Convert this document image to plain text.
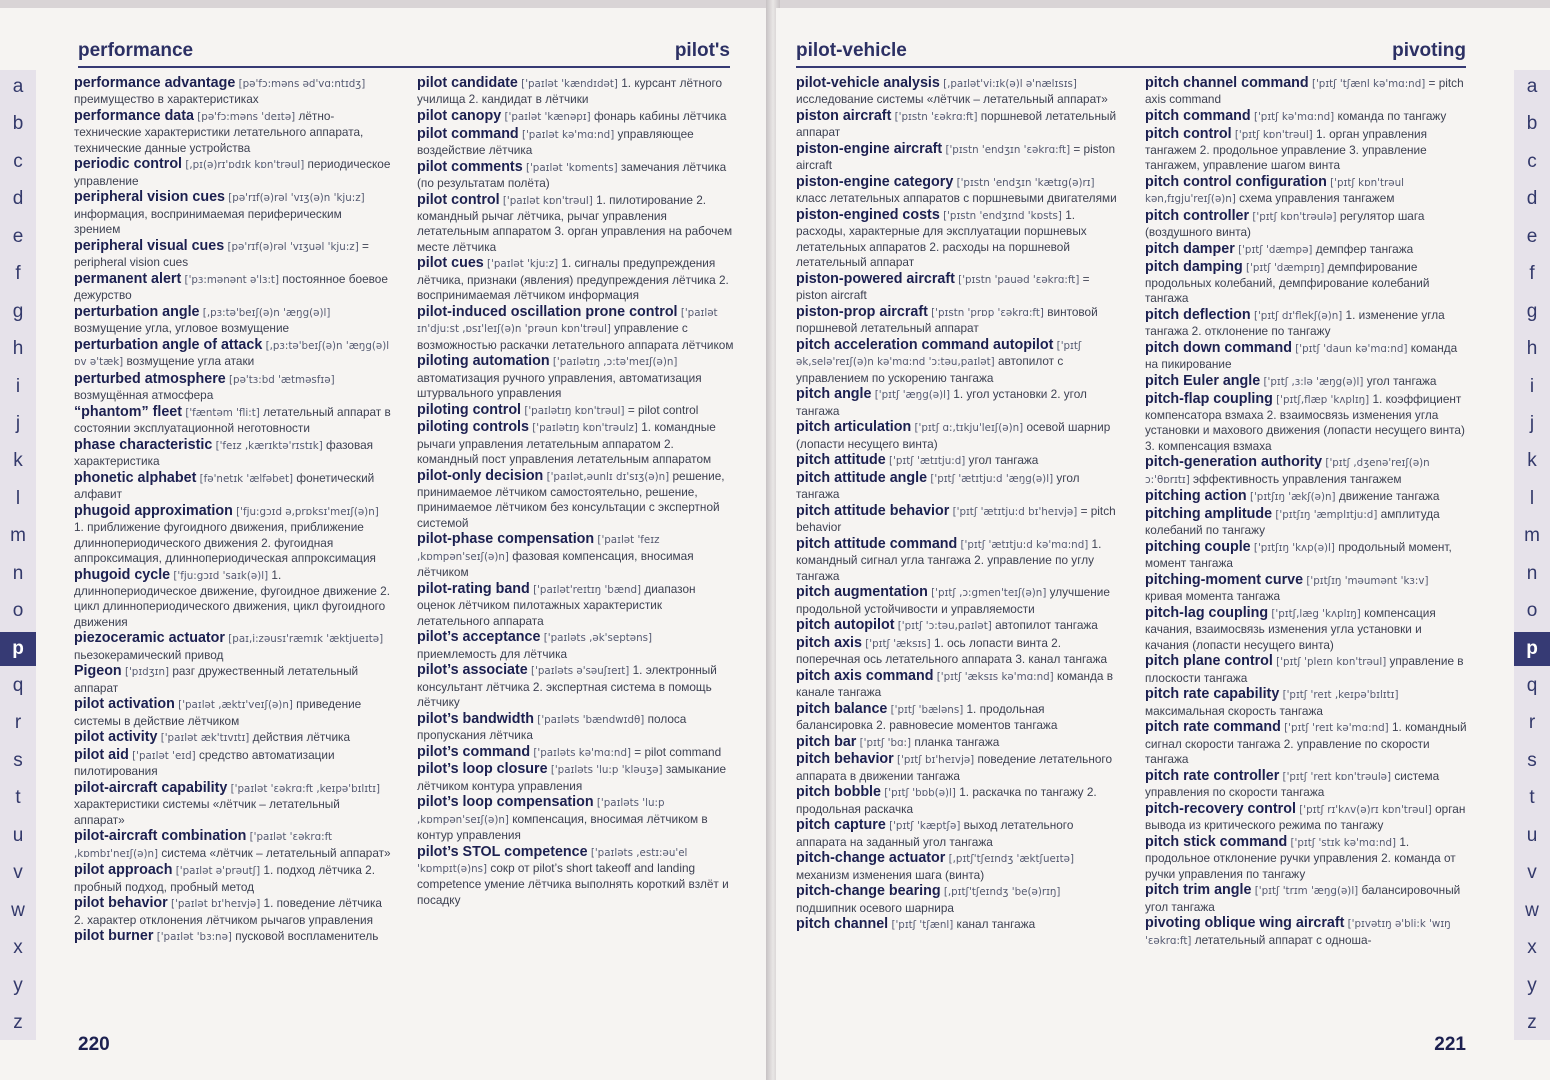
a
b
c
d
e
f
g
h
i
j
k
l
m
n
o
p
q
r
s
t
u
v
w
x
y
z
performance	pilot's

performance advantage [pə'fɔ:məns əd'vɑ:ntɪdʒ] преимущество в характеристиках

performance data [pə'fɔ:məns 'deɪtə] лётно-технические характеристики летательного аппарата, технические данные устройства

periodic control [,pɪ(ə)rɪ'ɒdɪk kɒn'trəul] периодическое управление

peripheral vision cues [pə'rɪf(ə)rəl 'vɪʒ(ə)n 'kju:z] информация, воспринимаемая периферическим зрением

peripheral visual cues [pə'rɪf(ə)rəl 'vɪʒuəl 'kju:z] = peripheral vision cues

permanent alert ['pɜ:mənənt ə'lɜ:t] постоянное боевое дежурство

perturbation angle [,pɜ:tə'beɪʃ(ə)n 'æŋg(ə)l] возмущение угла, угловое возмущение

perturbation angle of attack [,pɜ:tə'beɪʃ(ə)n 'æŋg(ə)l ɒv ə'tæk] возмущение угла атаки

perturbed atmosphere [pə'tɜ:bd 'ætməsfɪə] возмущённая атмосфера

“phantom” fleet ['fæntəm 'fli:t] летательный аппарат в состоянии эксплуатационной неготовности

phase characteristic ['feɪz ,kærɪktə'rɪstɪk] фазовая характеристика

phonetic alphabet [fə'netɪk 'ælfəbet] фонетический алфавит

phugoid approximation ['fju:gɔɪd ə,prɒksɪ'meɪʃ(ə)n] 1. приближение фугоидного движения, приближение длиннопериодического движения 2. фугоидная аппроксимация, длиннопериодическая аппроксимация

phugoid cycle ['fju:gɔɪd 'saɪk(ə)l] 1. длиннопериодическое движение, фугоидное движение 2. цикл длиннопериодического движения, цикл фугоидного движения

piezoceramic actuator [paɪ,i:zəusɪ'ræmɪk 'æktjueɪtə] пьезокерамический привод

Pigeon ['pɪdʒɪn] разг дружественный летательный аппарат

pilot activation ['paɪlət ,æktɪ'veɪʃ(ə)n] приведение системы в действие лётчиком

pilot activity ['paɪlət æk'tɪvɪtɪ] действия лётчика

pilot aid ['paɪlət 'eɪd] средство автоматизации пилотирования

pilot-aircraft capability ['paɪlət 'ɛəkrɑ:ft ,keɪpə'bɪlɪtɪ] характеристики системы «лётчик – летательный аппарат»

pilot-aircraft combination ['paɪlət 'ɛəkrɑ:ft ,kɒmbɪ'neɪʃ(ə)n] система «лётчик – летательный аппарат»

pilot approach ['paɪlət ə'prəutʃ] 1. подход лётчика 2. пробный подход, пробный метод

pilot behavior ['paɪlət bɪ'heɪvjə] 1. поведение лётчика 2. характер отклонения лётчиком рычагов управления

pilot burner ['paɪlət 'bɜ:nə] пусковой воспламенитель

pilot candidate ['paɪlət 'kændɪdət] 1. курсант лётного училища 2. кандидат в лётчики

pilot canopy ['paɪlət 'kænəpɪ] фонарь кабины лётчика

pilot command ['paɪlət kə'mɑ:nd] управляющее воздействие лётчика

pilot comments ['paɪlət 'kɒments] замечания лётчика (по результатам полёта)

pilot control ['paɪlət kɒn'trəul] 1. пилотирование 2. командный рычаг лётчика, рычаг управления летательным аппаратом 3. орган управления на рабочем месте лётчика

pilot cues ['paɪlət 'kju:z] 1. сигналы предупреждения лётчика, признаки (явления) предупреждения лётчика 2. воспринимаемая лётчиком информация

pilot-induced oscillation prone control ['paɪlət ɪn'dju:st ,ɒsɪ'leɪʃ(ə)n 'prəun kɒn'trəul] управление с возможностью раскачки летательного аппарата лётчиком

piloting automation ['paɪlətɪŋ ,ɔ:tə'meɪʃ(ə)n] автоматизация ручного управления, автоматизация штурвального управления

piloting control ['paɪlətɪŋ kɒn'trəul] = pilot control

piloting controls ['paɪlətɪŋ kɒn'trəulz] 1. командные рычаги управления летательным аппаратом 2. командный пост управления летательным аппаратом

pilot-only decision ['paɪlət,əunlɪ dɪ'sɪʒ(ə)n] решение, принимаемое лётчиком самостоятельно, решение, принимаемое лётчиком без консультации с экспертной системой

pilot-phase compensation ['paɪlət 'feɪz ,kɒmpən'seɪʃ(ə)n] фазовая компенсация, вносимая лётчиком

pilot-rating band ['paɪlət'reɪtɪŋ 'bænd] диапазон оценок лётчиком пилотажных характеристик летательного аппарата

pilot’s acceptance ['paɪləts ,ək'septəns] приемлемость для лётчика

pilot’s associate ['paɪləts ə'səuʃɪeɪt] 1. электронный консультант лётчика 2. экспертная система в помощь лётчику

pilot’s bandwidth ['paɪləts 'bændwɪdθ] полоса пропускания лётчика

pilot’s command ['paɪləts kə'mɑ:nd] = pilot command

pilot’s loop closure ['paɪləts 'lu:p 'kləuʒə] замыкание лётчиком контура управления

pilot’s loop compensation ['paɪləts 'lu:p ,kɒmpən'seɪʃ(ə)n] компенсация, вносимая лётчиком в контур управления

pilot’s STOL competence ['paɪləts ,estɪ:əu'el 'kɒmpɪt(ə)ns] сокр от pilot’s short takeoff and landing competence умение лётчика выполнять короткий взлёт и посадку

220
pilot-vehicle	pivoting

pilot-vehicle analysis [,paɪlət'vi:ɪk(ə)l ə'nælɪsɪs] исследование системы «лётчик – летательный аппарат»

piston aircraft ['pɪstn 'ɛəkrɑ:ft] поршневой летательный аппарат

piston-engine aircraft ['pɪstn 'endʒɪn 'ɛəkrɑ:ft] = piston aircraft

piston-engine category ['pɪstn 'endʒɪn 'kætɪg(ə)rɪ] класс летательных аппаратов с поршневыми двигателями

piston-engined costs ['pɪstn 'endʒɪnd 'kɒsts] 1. расходы, характерные для эксплуатации поршневых летательных аппаратов 2. расходы на поршневой летательный аппарат

piston-powered aircraft ['pɪstn 'pauəd 'ɛəkrɑ:ft] = piston aircraft

piston-prop aircraft ['pɪstn 'prɒp 'ɛəkrɑ:ft] винтовой поршневой летательный аппарат

pitch acceleration command autopilot ['pɪtʃ ək,selə'reɪʃ(ə)n kə'mɑ:nd 'ɔ:təu,paɪlət] автопилот с управлением по ускорению тангажа

pitch angle ['pɪtʃ 'æŋg(ə)l] 1. угол установки 2. угол тангажа

pitch articulation ['pɪtʃ ɑ:,tɪkju'leɪʃ(ə)n] осевой шарнир (лопасти несущего винта)

pitch attitude ['pɪtʃ 'ætɪtju:d] угол тангажа

pitch attitude angle ['pɪtʃ 'ætɪtju:d 'æŋg(ə)l] угол тангажа

pitch attitude behavior ['pɪtʃ 'ætɪtju:d bɪ'heɪvjə] = pitch behavior

pitch attitude command ['pɪtʃ 'ætɪtju:d kə'mɑ:nd] 1. командный сигнал угла тангажа 2. управление по углу тангажа

pitch augmentation ['pɪtʃ ,ɔ:gmen'teɪʃ(ə)n] улучшение продольной устойчивости и управляемости

pitch autopilot ['pɪtʃ 'ɔ:təu,paɪlət] автопилот тангажа

pitch axis ['pɪtʃ 'æksɪs] 1. ось лопасти винта 2. поперечная ось летательного аппарата 3. канал тангажа

pitch axis command ['pɪtʃ 'æksɪs kə'mɑ:nd] команда в канале тангажа

pitch balance ['pɪtʃ 'bæləns] 1. продольная балансировка 2. равновесие моментов тангажа

pitch bar ['pɪtʃ 'bɑ:] планка тангажа

pitch behavior ['pɪtʃ bɪ'heɪvjə] поведение летательного аппарата в движении тангажа

pitch bobble ['pɪtʃ 'bɒb(ə)l] 1. раскачка по тангажу 2. продольная раскачка

pitch capture ['pɪtʃ 'kæptʃə] выход летательного аппарата на заданный угол тангажа

pitch-change actuator [,pɪtʃ'tʃeɪndʒ 'æktʃueɪtə] механизм изменения шага (винта)

pitch-change bearing [,pɪtʃ'tʃeɪndʒ 'be(ə)rɪŋ] подшипник осевого шарнира

pitch channel ['pɪtʃ 'tʃænl] канал тангажа

pitch channel command ['pɪtʃ 'tʃænl kə'mɑ:nd] = pitch axis command

pitch command ['pɪtʃ kə'mɑ:nd] команда по тангажу

pitch control ['pɪtʃ kɒn'trəul] 1. орган управления тангажем 2. продольное управление 3. управление тангажем, управление шагом винта

pitch control configuration ['pɪtʃ kɒn'trəul kən,fɪgju'reɪʃ(ə)n] схема управления тангажем

pitch controller ['pɪtʃ kɒn'trəulə] регулятор шага (воздушного винта)

pitch damper ['pɪtʃ 'dæmpə] демпфер тангажа

pitch damping ['pɪtʃ 'dæmpɪŋ] демпфирование продольных колебаний, демпфирование колебаний тангажа

pitch deflection ['pɪtʃ dɪ'flekʃ(ə)n] 1. изменение угла тангажа 2. отклонение по тангажу

pitch down command ['pɪtʃ 'daun kə'mɑ:nd] команда на пикирование

pitch Euler angle ['pɪtʃ ,ɜ:lə 'æŋg(ə)l] угол тангажа

pitch-flap coupling ['pɪtʃ,flæp 'kʌplɪŋ] 1. коэффициент компенсатора взмаха 2. взаимосвязь изменения угла установки и махового движения (лопасти несущего винта) 3. компенсация взмаха

pitch-generation authority ['pɪtʃ ,dʒenə'reɪʃ(ə)n ɔ:'θɒrɪtɪ] эффективность управления тангажем

pitching action ['pɪtʃɪŋ 'ækʃ(ə)n] движение тангажа

pitching amplitude ['pɪtʃɪŋ 'æmplɪtju:d] амплитуда колебаний по тангажу

pitching couple ['pɪtʃɪŋ 'kʌp(ə)l] продольный момент, момент тангажа

pitching-moment curve ['pɪtʃɪŋ 'məumənt 'kɜ:v] кривая момента тангажа

pitch-lag coupling ['pɪtʃ,læg 'kʌplɪŋ] компенсация качания, взаимосвязь изменения угла установки и качания (лопасти несущего винта)

pitch plane control ['pɪtʃ 'pleɪn kɒn'trəul] управление в плоскости тангажа

pitch rate capability ['pɪtʃ 'reɪt ,keɪpə'bɪlɪtɪ] максимальная скорость тангажа

pitch rate command ['pɪtʃ 'reɪt kə'mɑ:nd] 1. командный сигнал скорости тангажа 2. управление по скорости тангажа

pitch rate controller ['pɪtʃ 'reɪt kɒn'trəulə] система управления по скорости тангажа

pitch-recovery control ['pɪtʃ rɪ'kʌv(ə)rɪ kɒn'trəul] орган вывода из критического режима по тангажу

pitch stick command ['pɪtʃ 'stɪk kə'mɑ:nd] 1. продольное отклонение ручки управления 2. команда от ручки управления по тангажу

pitch trim angle ['pɪtʃ 'trɪm 'æŋg(ə)l] балансировочный угол тангажа

pivoting oblique wing aircraft ['pɪvətɪŋ ə'bli:k 'wɪŋ 'ɛəkrɑ:ft] летательный аппарат с одноша-

221
a
b
c
d
e
f
g
h
i
j
k
l
m
n
o
p
q
r
s
t
u
v
w
x
y
z
